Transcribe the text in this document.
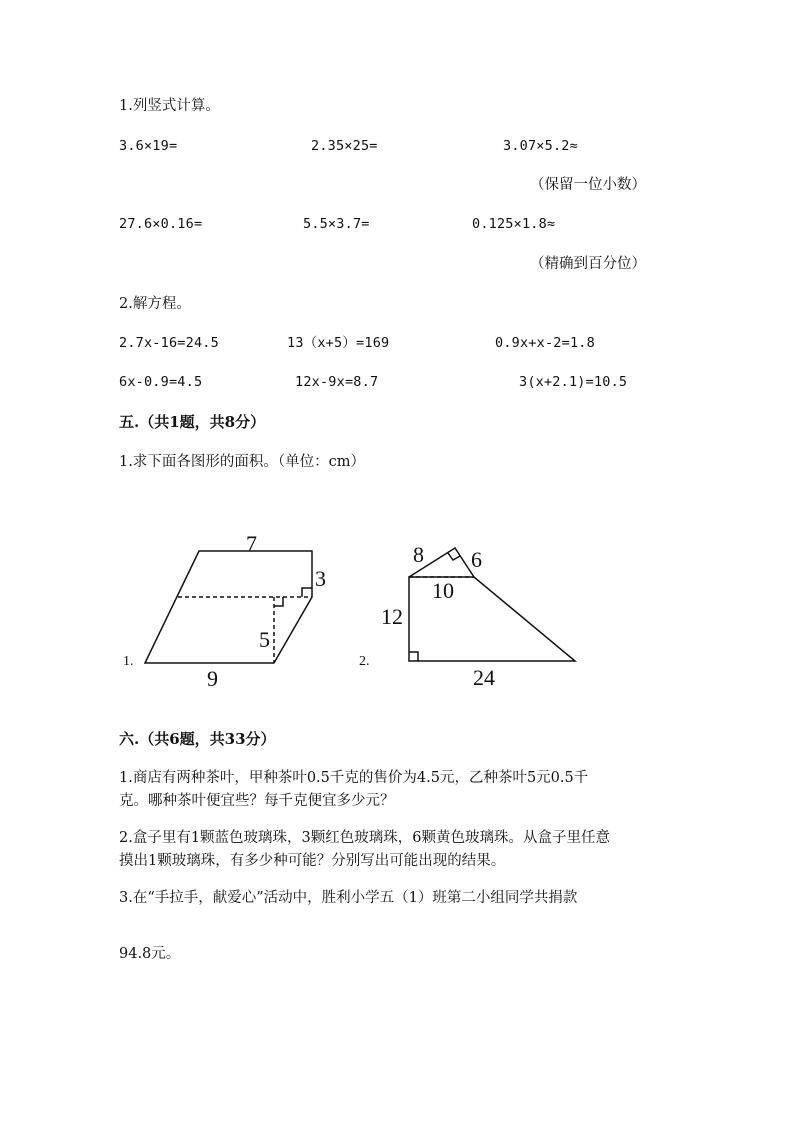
1.列竖式计算。
3.6×19=	2.35×25=	3.07×5.2≈
（保留一位小数）
27.6×0.16=	5.5×3.7=	0.125×1.8≈
（精确到百分位）
2.解方程。
2.7x-16=24.5	13（x+5）=169	0.9x+x-2=1.8
6x-0.9=4.5	12x-9x=8.7	3(x+2.1)=10.5
五.（共1题，共8分）
1.求下面各图形的面积。（单位：cm）
1.
7
3
5
9
2.
8 6
10
12
24
六.（共6题，共33分）
1.商店有两种茶叶，甲种茶叶0.5千克的售价为4.5元，乙种茶叶5元0.5千
克。哪种茶叶便宜些？每千克便宜多少元？
2.盒子里有1颗蓝色玻璃珠，3颗红色玻璃珠，6颗黄色玻璃珠。从盒子里任意
摸出1颗玻璃珠，有多少种可能？分别写出可能出现的结果。
3.在“手拉手，献爱心”活动中，胜利小学五（1）班第二小组同学共捐款
94.8元。
